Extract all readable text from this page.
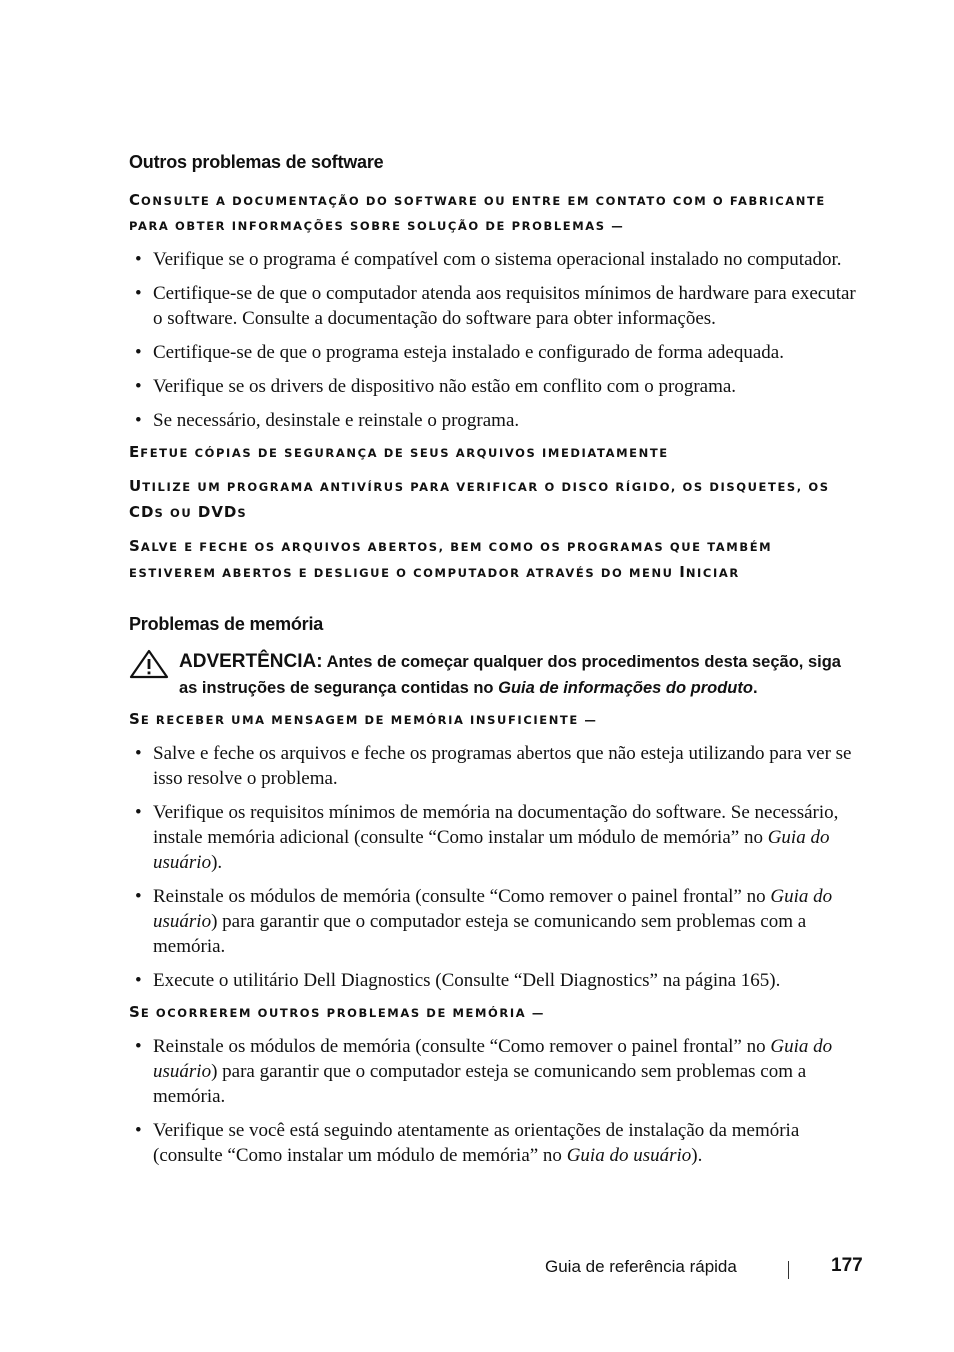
Outros problemas de software

CONSULTE A DOCUMENTAÇÃO DO SOFTWARE OU ENTRE EM CONTATO COM O FABRICANTE PARA OBTER INFORMAÇÕES SOBRE SOLUÇÃO DE PROBLEMAS —

• Verifique se o programa é compatível com o sistema operacional instalado no computador.
• Certifique-se de que o computador atenda aos requisitos mínimos de hardware para executar o software. Consulte a documentação do software para obter informações.
• Certifique-se de que o programa esteja instalado e configurado de forma adequada.
• Verifique se os drivers de dispositivo não estão em conflito com o programa.
• Se necessário, desinstale e reinstale o programa.

EFETUE CÓPIAS DE SEGURANÇA DE SEUS ARQUIVOS IMEDIATAMENTE

UTILIZE UM PROGRAMA ANTIVÍRUS PARA VERIFICAR O DISCO RÍGIDO, OS DISQUETES, OS CDS OU DVDS

SALVE E FECHE OS ARQUIVOS ABERTOS, BEM COMO OS PROGRAMAS QUE TAMBÉM ESTIVEREM ABERTOS E DESLIGUE O COMPUTADOR ATRAVÉS DO MENU INICIAR

Problemas de memória
ADVERTÊNCIA: Antes de começar qualquer dos procedimentos desta seção, siga as instruções de segurança contidas no Guia de informações do produto.

SE RECEBER UMA MENSAGEM DE MEMÓRIA INSUFICIENTE —

• Salve e feche os arquivos e feche os programas abertos que não esteja utilizando para ver se isso resolve o problema.
• Verifique os requisitos mínimos de memória na documentação do software. Se necessário, instale memória adicional (consulte “Como instalar um módulo de memória” no Guia do usuário).
• Reinstale os módulos de memória (consulte “Como remover o painel frontal” no Guia do usuário) para garantir que o computador esteja se comunicando sem problemas com a memória.
• Execute o utilitário Dell Diagnostics (Consulte “Dell Diagnostics” na página 165).

SE OCORREREM OUTROS PROBLEMAS DE MEMÓRIA —

• Reinstale os módulos de memória (consulte “Como remover o painel frontal” no Guia do usuário) para garantir que o computador esteja se comunicando sem problemas com a memória.
• Verifique se você está seguindo atentamente as orientações de instalação da memória (consulte “Como instalar um módulo de memória” no Guia do usuário).
Guia de referência rápida	177
